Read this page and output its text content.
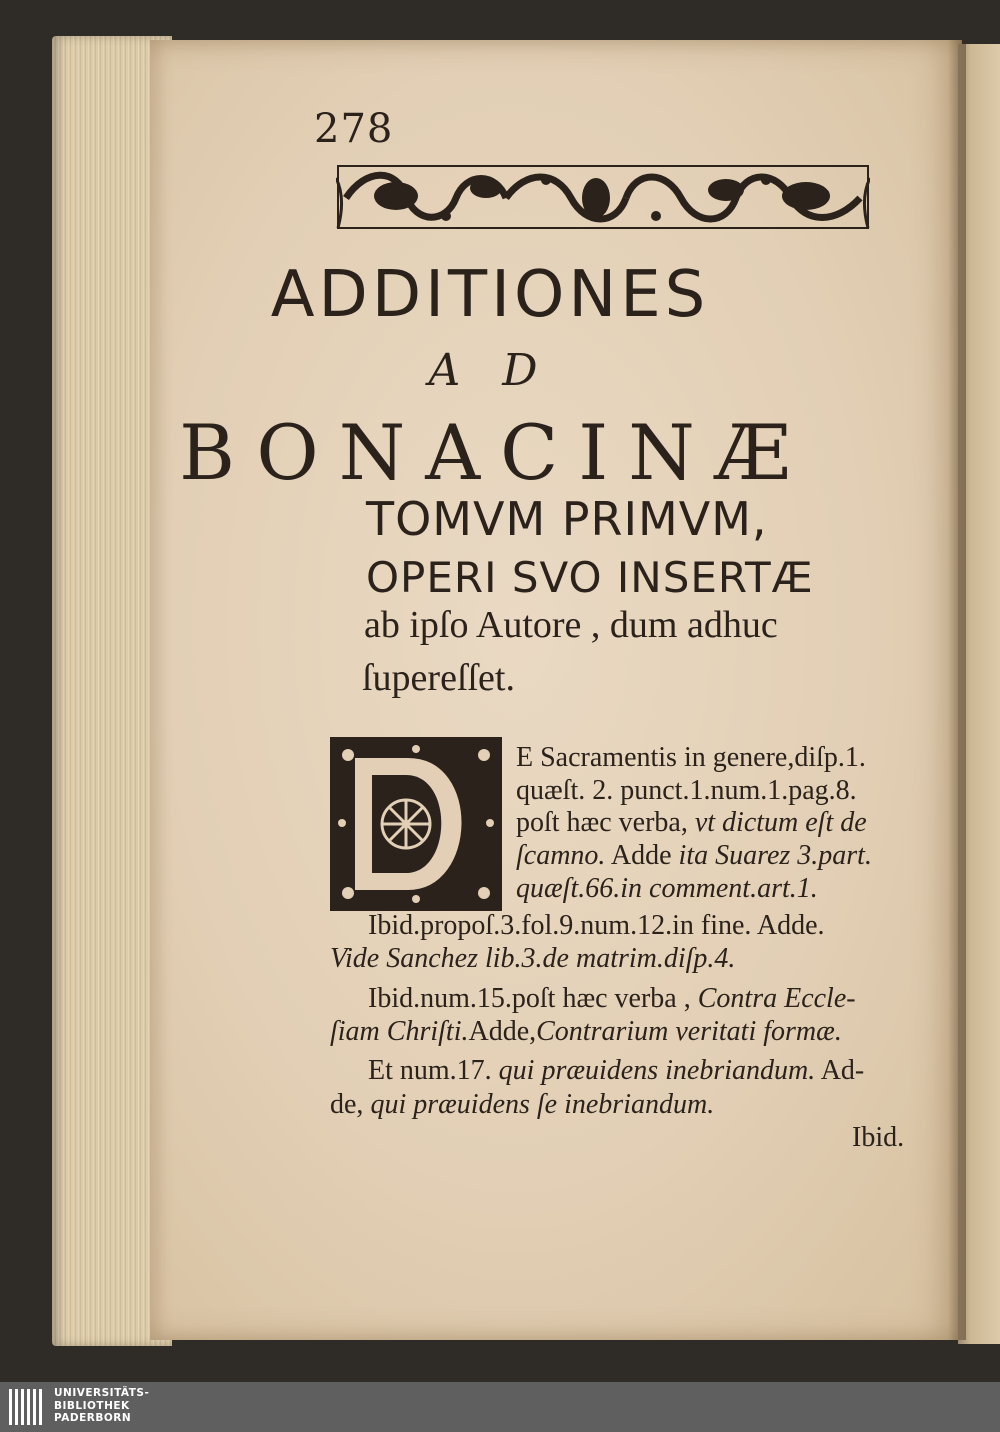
278
ADDITIONES
A D
BONACINÆ
TOMVM PRIMVM,
OPERI SVO INSERTÆ
ab ipſo Autore , dum adhuc
ſupereſſet.
E Sacramentis in genere,diſp.1.
quæſt. 2. punct.1.num.1.pag.8.
poſt hæc verba, vt dictum eſt de
ſcamno. Adde ita Suarez 3.part.
quæſt.66.in comment.art.1.
Ibid.propoſ.3.fol.9.num.12.in fine. Adde.
Vide Sanchez lib.3.de matrim.diſp.4.
Ibid.num.15.poſt hæc verba , Contra Eccle-
ſiam Chriſti.Adde,Contrarium veritati formæ.
Et num.17. qui præuidens inebriandum. Ad-
de, qui præuidens ſe inebriandum.
Ibid.
UNIVERSITÄTS-
BIBLIOTHEK
PADERBORN
